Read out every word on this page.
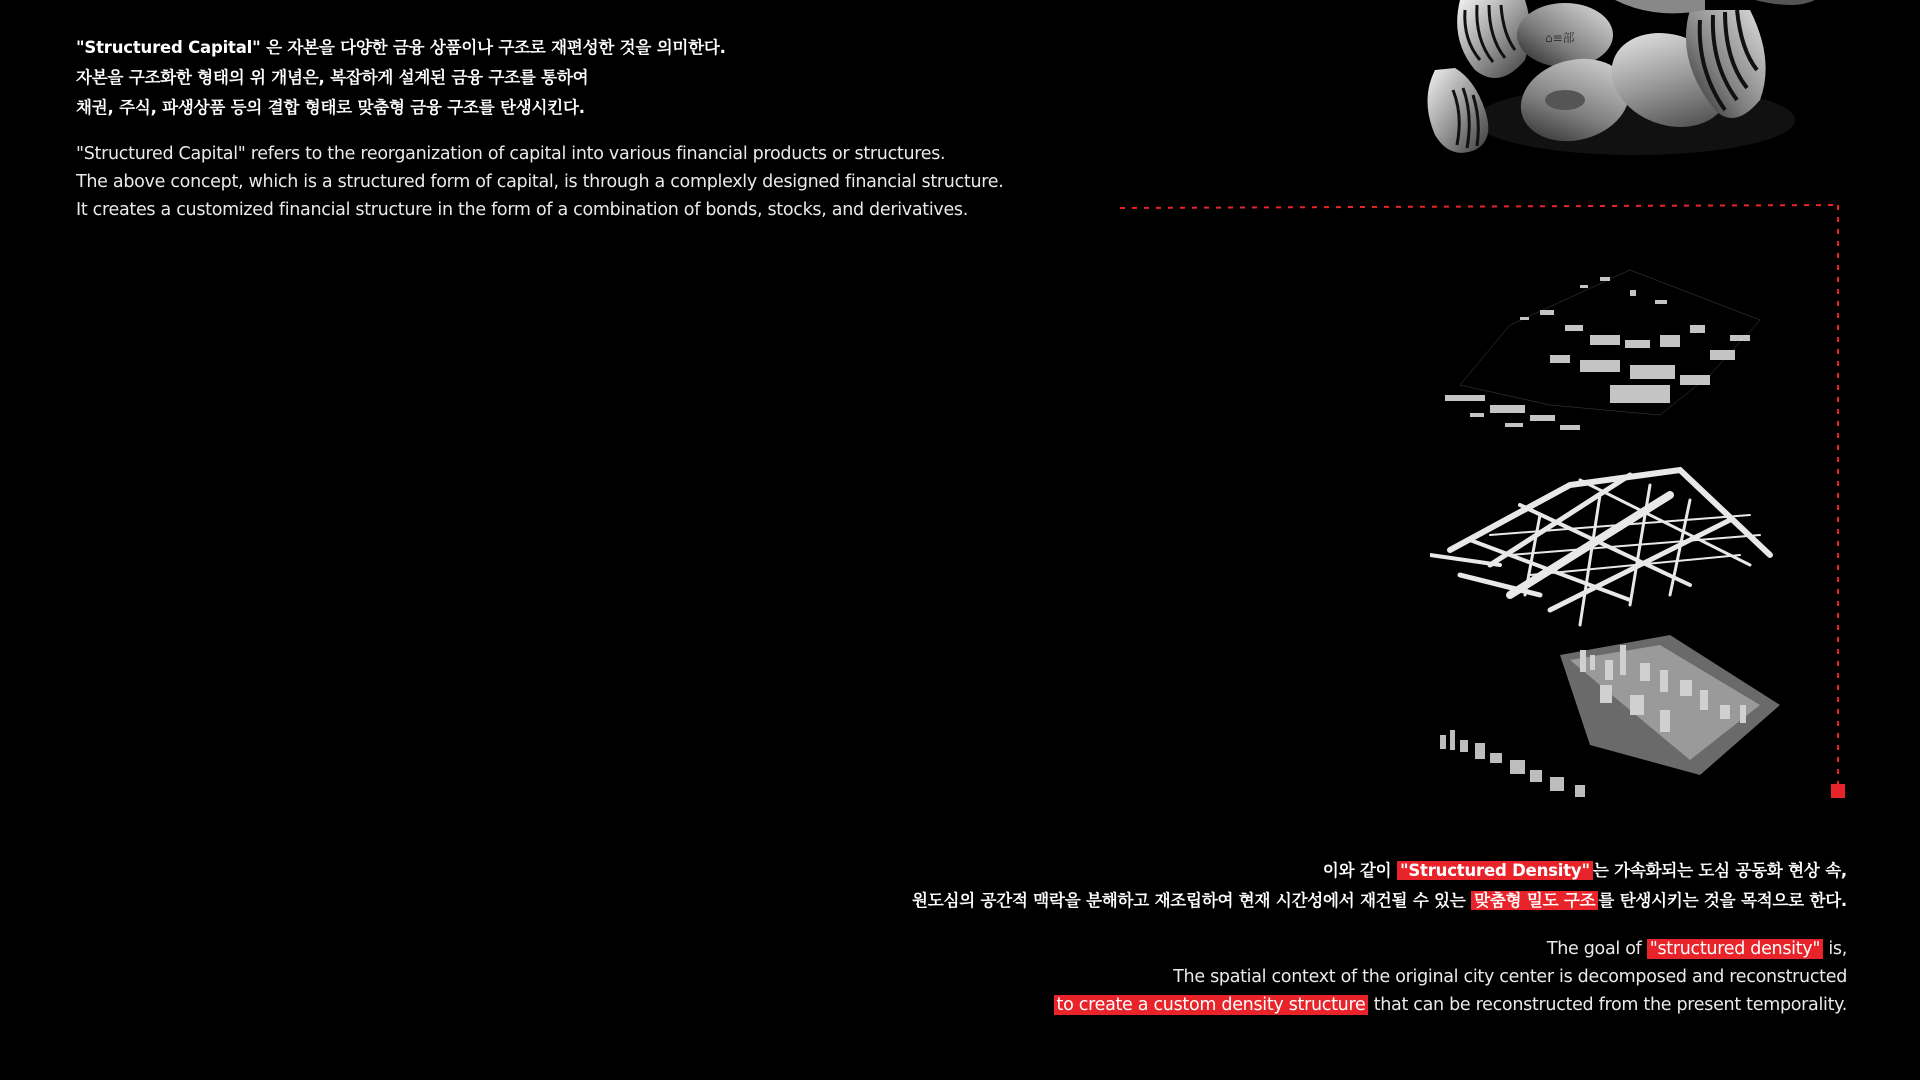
"Structured Capital" 은 자본을 다양한 금융 상품이나 구조로 재편성한 것을 의미한다.
자본을 구조화한 형태의 위 개념은, 복잡하게 설계된 금융 구조를 통하여
채권, 주식, 파생상품 등의 결합 형태로 맞춤형 금융 구조를 탄생시킨다.
"Structured Capital" refers to the reorganization of capital into various financial products or structures.
The above concept, which is a structured form of capital, is through a complexly designed financial structure.
It creates a customized financial structure in the form of a combination of bonds, stocks, and derivatives.
⌂≡部
이와 같이 "Structured Density" 는 가속화되는 도심 공동화 현상 속,
원도심의 공간적 맥락을 분해하고 재조립하여 현재 시간성에서 재건될 수 있는 맞춤형 밀도 구조 를 탄생시키는 것을 목적으로 한다.
The goal of "structured density" is,
The spatial context of the original city center is decomposed and reconstructed
to create a custom density structure that can be reconstructed from the present temporality.
